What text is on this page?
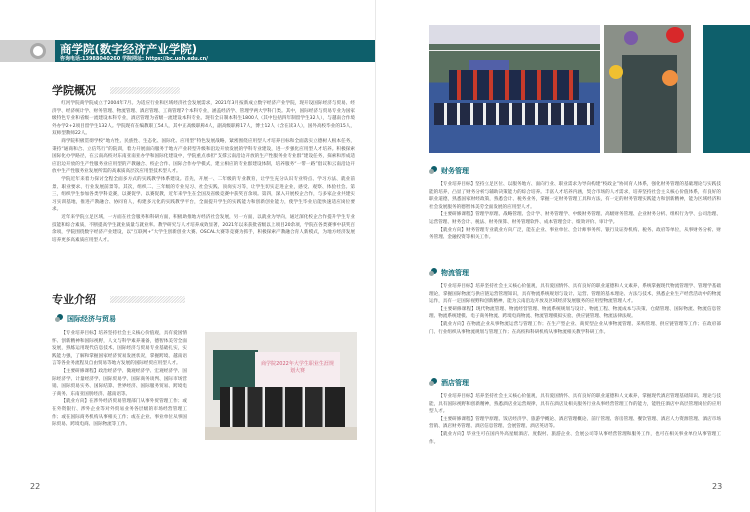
商学院(数字经济产业学院)
咨询电话:13988040260 学院网址: https://bc.uoh.edu.cn/
学院概况

红河学院商学院成立于2004年7月。为适应行业和区域经济社会发展需求，2021年3月按新成立数字经济产业学院，现开设国际经济与贸易、经济学、经济统计学、财务管理、物流管理、酒店管理、工商管理7个本科专业，涵盖经济学、管理学两大学科门类。其中，国际经济与贸易专业为国家级特色专业和省级一流建设本科专业，酒店管理为省级一流建设本科专业。现有全日制本科生1800人（其中包括四年制留学生32人），与越南合作境外办学2+2项目留学生132人。学院现有在编教职工54人，其中正高级职称4人，副高级职称17人，博士12人（含在读3人），国外高校毕业的15人，双师型教师22人。

商学院积极贯彻学校“地方性、民族性、生态化、国际化、应用型”特色发展战略，紧密围绕应用型人才培养目标和全面落实立德树人根本任务，秉持“通商和合、立信笃行”的院训，着力开展面向服务于地方产业转型升级和沿边开放发展的学科专业建设，进一步强化应用型人才培养。积极探索国际化办学路径，在云南高校对东南亚南亚办学和国际化建设中，学院重点承担“支撑云南沿边开放的生产性服务业专业群”建设任务，探索和形成适应沿边开放的生产性服务业应用型的产教融合、校企合作、国际合作办学模式，建立相应的专业群建设体制，培养服务“一带一路”倡议和云南沿边开放中生产性服务业发展所需的高素质高层次应用型技术型人才。

学院近年来着力探讨全程全面多方式的实践教学体系建设。首先，开展一、二年级的专业教育，让学生充分认识专业特点、学习方法、就业前景、职业要求、行业发展前景等。其次，组织二、三年级的专业见习、社会实践、顶岗实习等，让学生切实走进企业，感受、观察、体验社会。第三，组织学生参加各类学科竞赛，以赛促学、以赛促教，近年来学生在全国及省级竞赛中获奖百余项。第四，深入开展校企合作，与多家企业共建实习实训基地，推进产教融合、协同育人，构建多元化的实践教学平台，全面提升学生的实践能力和创新创业能力，使学生毕业后能快速适应岗位要求。

近年来学院立足区域，一方面在社会服务和科研方面，积极助推地方经济社会发展，另一方面，以就业为导向，通过深化校企合作提升学生专业技能和综合素质，不断提高学生就业质量与就业率。教学研究与人才培养成效显著，2021年以来获批省级以上项目20余项，学院在各类赛事中获奖百余项，学院围绕数字经济产业建设，以“互联网+”大学生创新创业大赛、OSCAL大赛等竞赛为抓手，积极探索产教融合育人新模式，为地方经济发展培养更多高素质应用型人才。

专业介绍
国际经济与贸易

【专业培养目标】培养坚持社会主义核心价值观，具有爱国情怀、创新精神和国际视野，人文与科学素养兼备，德智体美劳全面发展，熟练运用现代信息技术，国际经济与贸易专业基础扎实，实践能力强，了解和掌握国家经济贸易发展状况，掌握跨境、越南语言等各业务流程及自由贸易等地方发展的国际经贸应用型人才。

【主要研修课程】政治经济学、微观经济学、宏观经济学、国际经济学、计量经济学、国际贸易学、国际商务谈判、国际市场营销、国际贸易实务、国际结算、世界经济、国际服务贸易、跨境电子商务、东南亚国别经济、越南语等。

【就业方向】在涉外经济贸易管理部门从事外贸管理工作；或在外资银行、涉外企业等对外贸易业务各层级的市场经营管理工作；或在国际商务机构从事相关工作；或在企业、事业单位从事国际贸易、跨境电商、国际物流等工作。

商学院2022年大学生职业生涯规划大赛
22
财务管理

【专业培养目标】坚持立足区位、以服务地方、面向行业、职业需求为导向构建“校政企”协同育人体系，强化财务管理的基础理论与实践技能的培养，凸显了财务分析与辅助决策能力的综合培养。丰富人才培养内涵，契合市场的人才需求，培养坚持社会主义核心价值体系，有良好的职业道德，熟悉国家财经政策，熟悉会计、税务业务，掌握一定财务管理工具和方法，有一定的财务管理实践能力和创新精神，能为区域经济和社会发展服务的德智体美劳全面发展的应用型人才。

【主要研修课程】管理学原理、战略管理、会计学、财务管理学、中级财务管理、高级财务管理、企业财务分析、组织行为学、公司治理、运营管理、财务会计、税法、财务预算、财务管理软件、成本管理会计、绩效评价、审计学。

【就业方向】财务管理专业就业方向广泛，能在企业、事业单位、会计师事务所、银行及证券机构、税务、政府等单位，从事财务分析、财务管理、金融投资等相关工作。

物流管理

【专业培养目标】培养坚持社会主义核心价值观，具有爱国情怀、具有良好的职业道德和人文素养，系统掌握现代物流管理学、管理学基础理论，掌握国际物流与供应链运营管理知识，具有物流系统规划与设计、运营、管理的基本理论、方法与技术，熟悉企业生产经营活动中的物流运作，具有一定国际视野和创新精神，能为云南沿边开放及区域经济发展服务的应用型物流管理人才。

【主要研修课程】现代物流管理、物流经营管理、物流系统规划与设计、物流工程、物流成本与决策、仓储管理、国际物流、物流信息管理、物流系统建模、电子商务物流、跨境电商物流、物流管理模拟实验、供应链管理、物流法律法规。

【就业方向】在物流企业从事物流运营与管理工作；在生产型企业、商贸型企业从事物流管理、采购管理、供应链管理等工作；在政府部门、行业组织从事物流规划与管理工作；在高校和科研机构从事物流相关教学科研工作。

酒店管理

【专业培养目标】培养坚持社会主义核心价值观，具有爱国情怀、具有良好的职业道德和人文素养，掌握现代酒店管理基础知识、理论与技能，具有国际视野和创新精神，熟悉酒店业运营规律，具有在酒店及相关服务行业从事经营管理工作的能力，能胜任酒店中高层管理岗位的应用型人才。

【主要研修课程】管理学原理、饭店经济学、旅游学概论、酒店管理概论、前厅管理、客房管理、餐饮管理、酒店人力资源管理、酒店市场营销、酒店财务管理、酒店信息管理、会展管理、酒店英语等。

【就业方向】毕业生可在国内外高星级酒店、度假村、旅游企业、会展公司等从事经营管理和服务工作，也可在相关事业单位从事管理工作。

23
